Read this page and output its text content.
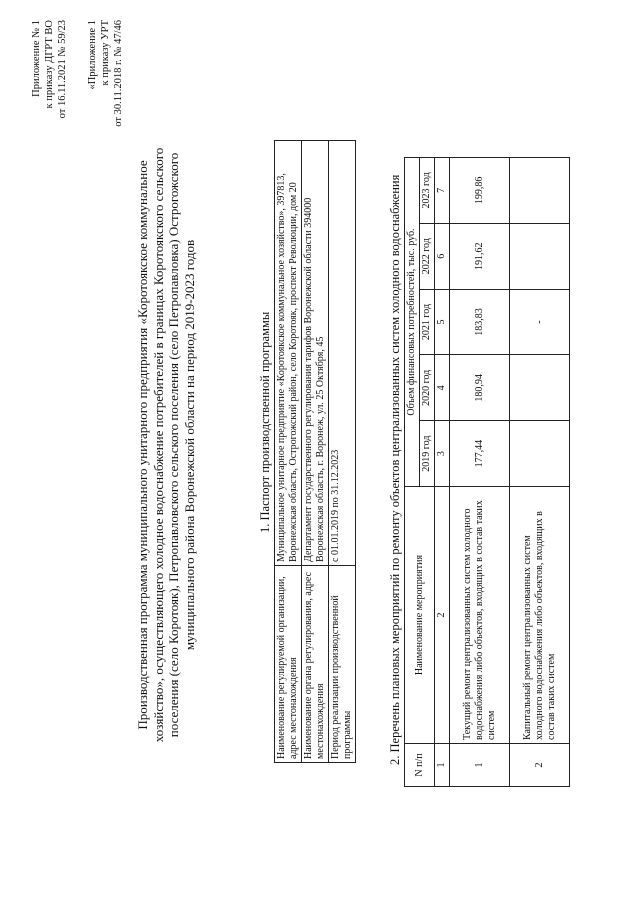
Приложение № 1 к приказу ДГРТ ВО от 16.11.2021 № 59/23 «Приложение 1 к приказу УРТ от 30.11.2018 г. № 47/46
Производственная программа муниципального унитарного предприятия «Коротоякское коммунальное хозяйство», осуществляющего холодное водоснабжение потребителей в границах Коротоякского сельского поселения (село Коротояк), Петропавловского сельского поселения (село Петропавловка) Острогожского муниципального района Воронежской области на период 2019-2023 годов	1. Паспорт производственной программы
Наименование регулируемой организации, адрес местонахождения	Муниципальное унитарное предприятие «Коротоякское коммунальное хозяйство», 397813, Воронежская область, Острогожский район, село Коротояк, проспект Революции, дом 20
Наименование органа регулирования, адрес местонахождения	Департамент государственного регулирования тарифов Воронежской области 394000 Воронежская область, г. Воронеж, ул. 25 Октября, 45
Период реализации производственной программы	с 01.01.2019 по 31.12.2023	2. Перечень плановых мероприятий по ремонту объектов централизованных систем холодного водоснабжения
N п/п	Наименование мероприятия	Объем финансовых потребностей, тыс. руб.				
		2019 год	2020 год	2021 год	2022 год	2023 год
1	2	3	4	5	6	7
1	Текущий ремонт централизованных систем холодного водоснабжения либо объектов, входящих в состав таких систем	177,44	180,94	183,83	191,62	199,86
2	Капитальный ремонт централизованных систем холодного водоснабжения либо объектов, входящих в состав таких систем			-		
